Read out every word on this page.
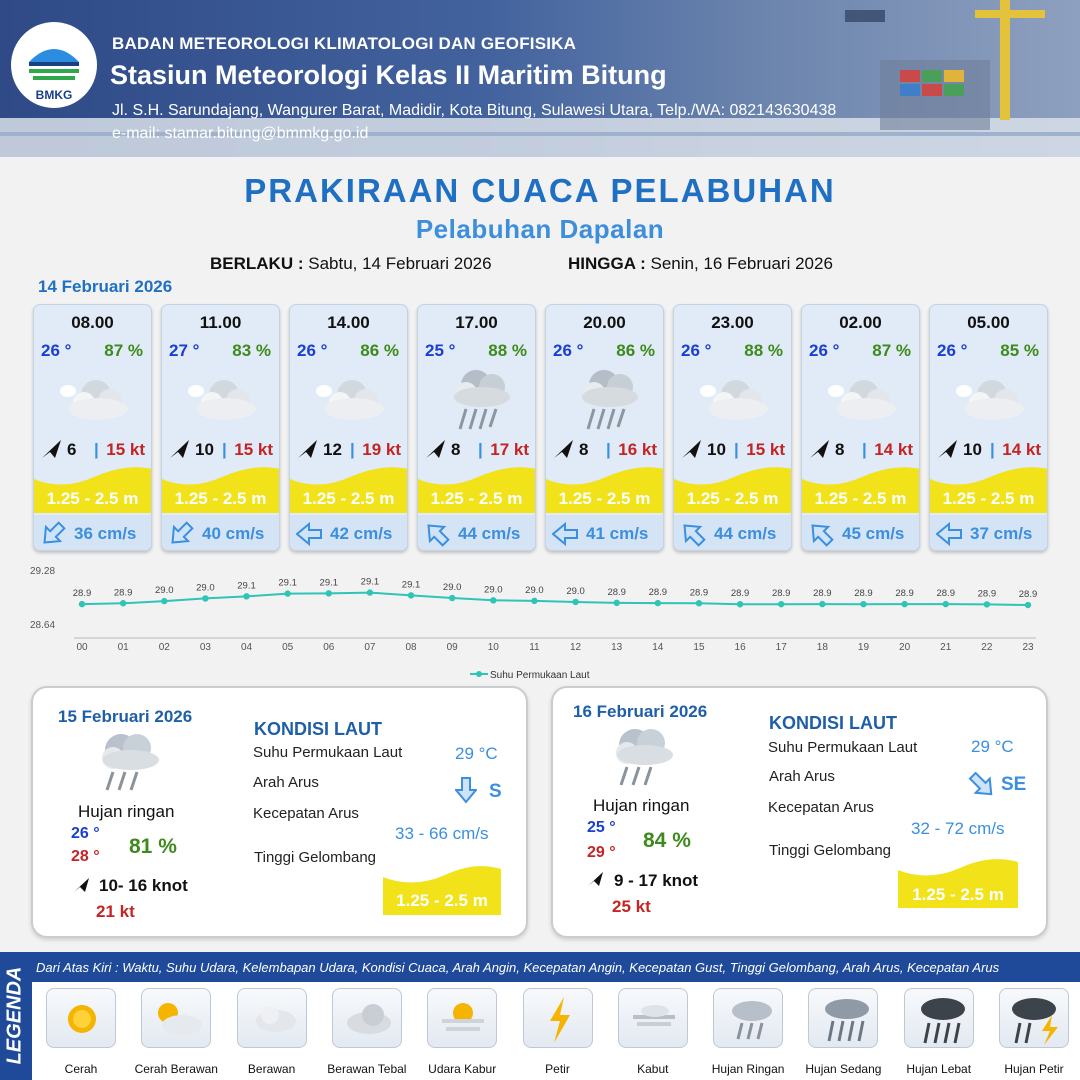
BMKG
BADAN METEOROLOGI KLIMATOLOGI DAN GEOFISIKA
Stasiun Meteorologi Kelas II Maritim Bitung
Jl. S.H. Sarundajang, Wangurer Barat, Madidir, Kota Bitung, Sulawesi Utara, Telp./WA: 082143630438
e-mail: stamar.bitung@bmmkg.go.id
PRAKIRAAN CUACA PELABUHAN
Pelabuhan Dapalan
BERLAKU : Sabtu, 14 Februari 2026	HINGGA : Senin, 16 Februari 2026
14 Februari 2026
08.00
26 ° 87 %
6 | 15 kt
1.25 - 2.5 m
36 cm/s
11.00
27 ° 83 %
10 | 15 kt
1.25 - 2.5 m
40 cm/s
14.00
26 ° 86 %
12 | 19 kt
1.25 - 2.5 m
42 cm/s
17.00
25 ° 88 %
8 | 17 kt
1.25 - 2.5 m
44 cm/s
20.00
26 ° 86 %
8 | 16 kt
1.25 - 2.5 m
41 cm/s
23.00
26 ° 88 %
10 | 15 kt
1.25 - 2.5 m
44 cm/s
02.00
26 ° 87 %
8 | 14 kt
1.25 - 2.5 m
45 cm/s
05.00
26 ° 85 %
10 | 14 kt
1.25 - 2.5 m
37 cm/s
29.28
28.64
28.9
00
28.9
01
29.0
02
29.0
03
29.1
04
29.1
05
29.1
06
29.1
07
29.1
08
29.0
09
29.0
10
29.0
11
29.0
12
28.9
13
28.9
14
28.9
15
28.9
16
28.9
17
28.9
18
28.9
19
28.9
20
28.9
21
28.9
22
28.9
23
Suhu Permukaan Laut
15 Februari 2026
Hujan ringan
26 °
28 ° 81 %
10- 16 knot
21 kt
KONDISI LAUT
Suhu Permukaan Laut	29 °C
Arah Arus	S
Kecepatan Arus
33 - 66 cm/s
Tinggi Gelombang
1.25 - 2.5 m
16 Februari 2026
Hujan ringan
25 °
29 °
84 %
9 - 17 knot
25 kt
KONDISI LAUT
Suhu Permukaan Laut	29 °C
Arah Arus	SE
Kecepatan Arus
32 - 72 cm/s
Tinggi Gelombang
1.25 - 2.5 m
LEGENDA Dari Atas Kiri : Waktu, Suhu Udara, Kelembapan Udara, Kondisi Cuaca, Arah Angin, Kecepatan Angin, Kecepatan Gust, Tinggi Gelombang, Arah Arus, Kecepatan Arus
Cerah	Cerah Berawan	Berawan	Berawan Tebal	Udara Kabur	Petir	Kabut	Hujan Ringan	Hujan Sedang	Hujan Lebat	Hujan Petir
